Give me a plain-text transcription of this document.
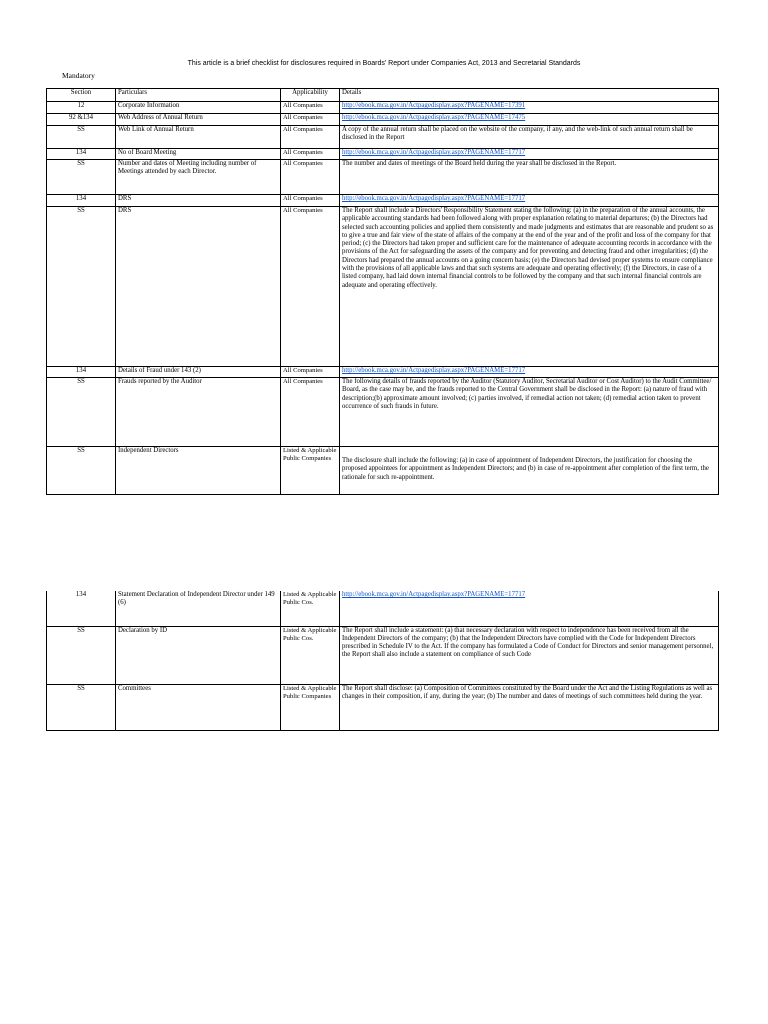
This article is a brief checklist for disclosures required in Boards' Report under Companies Act, 2013 and Secretarial Standards
Mandatory
Section	Particulars	Applicability	Details
12	Corporate Information	All Companies	http://ebook.mca.gov.in/Actpagedisplay.aspx?PAGENAME=17391
92 &134	Web Address of Annual Return	All Companies	http://ebook.mca.gov.in/Actpagedisplay.aspx?PAGENAME=17475
SS	Web Link of Annual Return	All Companies	A copy of the annual return shall be placed on the website of the company, if any, and the web-link of such annual return shall be disclosed in the Report
134	No of Board Meeting	All Companies	http://ebook.mca.gov.in/Actpagedisplay.aspx?PAGENAME=17717
SS	Number and dates of Meeting including number of Meetings attended by each Director.	All Companies	The number and dates of meetings of the Board held during the year shall be disclosed in the Report.
134	DRS	All Companies	http://ebook.mca.gov.in/Actpagedisplay.aspx?PAGENAME=17717
SS	DRS	All Companies	The Report shall include a Directors' Responsibility Statement stating the following: (a) in the preparation of the annual accounts, the applicable accounting standards had been followed along with proper explanation relating to material departures; (b) the Directors had selected such accounting policies and applied them consistently and made judgments and estimates that are reasonable and prudent so as to give a true and fair view of the state of affairs of the company at the end of the year and of the profit and loss of the company for that period; (c) the Directors had taken proper and sufficient care for the maintenance of adequate accounting records in accordance with the provisions of the Act for safeguarding the assets of the company and for preventing and detecting fraud and other irregularities; (d) the Directors had prepared the annual accounts on a going concern basis; (e) the Directors had devised proper systems to ensure compliance with the provisions of all applicable laws and that such systems are adequate and operating effectively; (f) the Directors, in case of a listed company, had laid down internal financial controls to be followed by the company and that such internal financial controls are adequate and operating effectively.
134	Details of Fraud under 143 (2)	All Companies	http://ebook.mca.gov.in/Actpagedisplay.aspx?PAGENAME=17717
SS	Frauds reported by the Auditor	All Companies	The following details of frauds reported by the Auditor (Statutory Auditor, Secretarial Auditor or Cost Auditor) to the Audit Committee/ Board, as the case may be, and the frauds reported to the Central Government shall be disclosed in the Report: (a) nature of fraud with description;(b) approximate amount involved; (c) parties involved, if remedial action not taken; (d) remedial action taken to prevent occurrence of such frauds in future.
SS	Independent Directors	Listed & Applicable Public Companies	The disclosure shall include the following: (a) in case of appointment of Independent Directors, the justification for choosing the proposed appointees for appointment as Independent Directors; and (b) in case of re-appointment after completion of the first term, the rationale for such re-appointment.
134	Statement Declaration of Independent Director under 149 (6)	Listed & Applicable Public Cos.	http://ebook.mca.gov.in/Actpagedisplay.aspx?PAGENAME=17717
SS	Declaration by ID	Listed & Applicable Public Cos.	The Report shall include a statement: (a) that necessary declaration with respect to independence has been received from all the Independent Directors of the company; (b) that the Independent Directors have complied with the Code for Independent Directors prescribed in Schedule IV to the Act. If the company has formulated a Code of Conduct for Directors and senior management personnel, the Report shall also include a statement on compliance of such Code
SS	Committees	Listed & Applicable Public Companies	The Report shall disclose: (a) Composition of Committees constituted by the Board under the Act and the Listing Regulations as well as changes in their composition, if any, during the year; (b) The number and dates of meetings of such committees held during the year.
